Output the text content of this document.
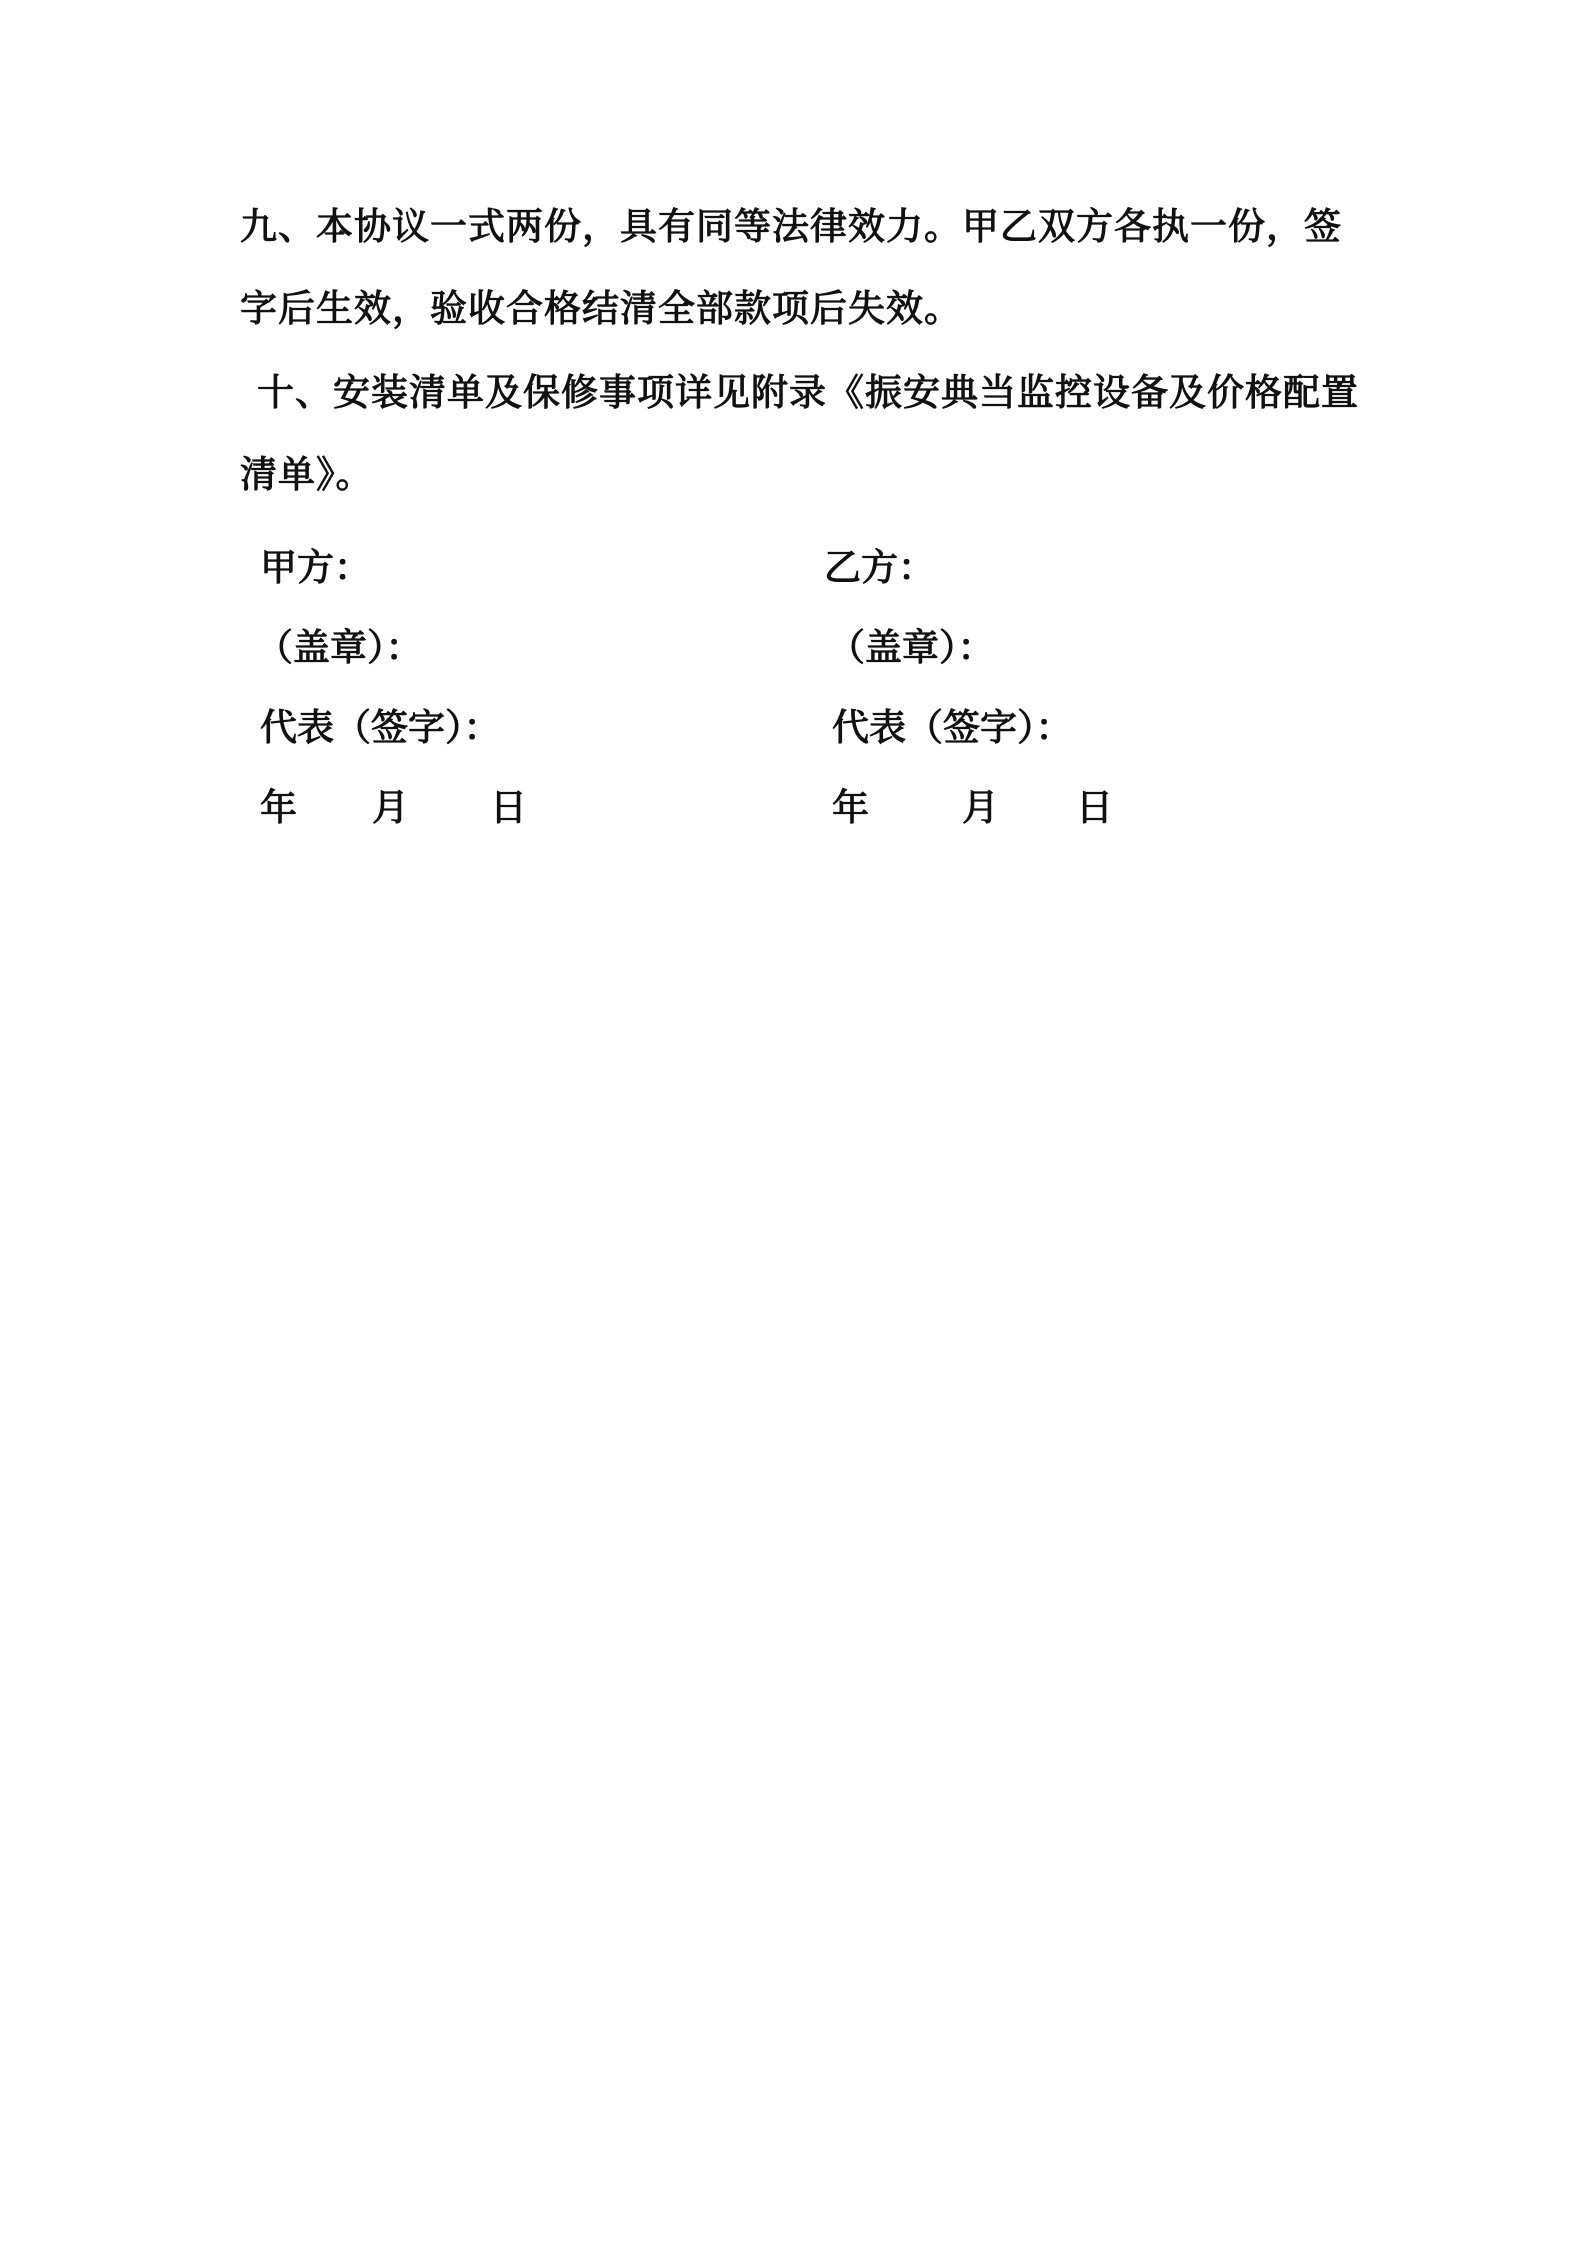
九、本协议一式两份，具有同等法律效力。甲乙双方各执一份，签字后生效，验收合格结清全部款项后失效。
十、安装清单及保修事项详见附录《振安典当监控设备及价格配置清单》。
甲方：
（盖章）：
代表（签字）：
年 月 日
乙方：
（盖章）：
代表（签字）：
年	月 日
